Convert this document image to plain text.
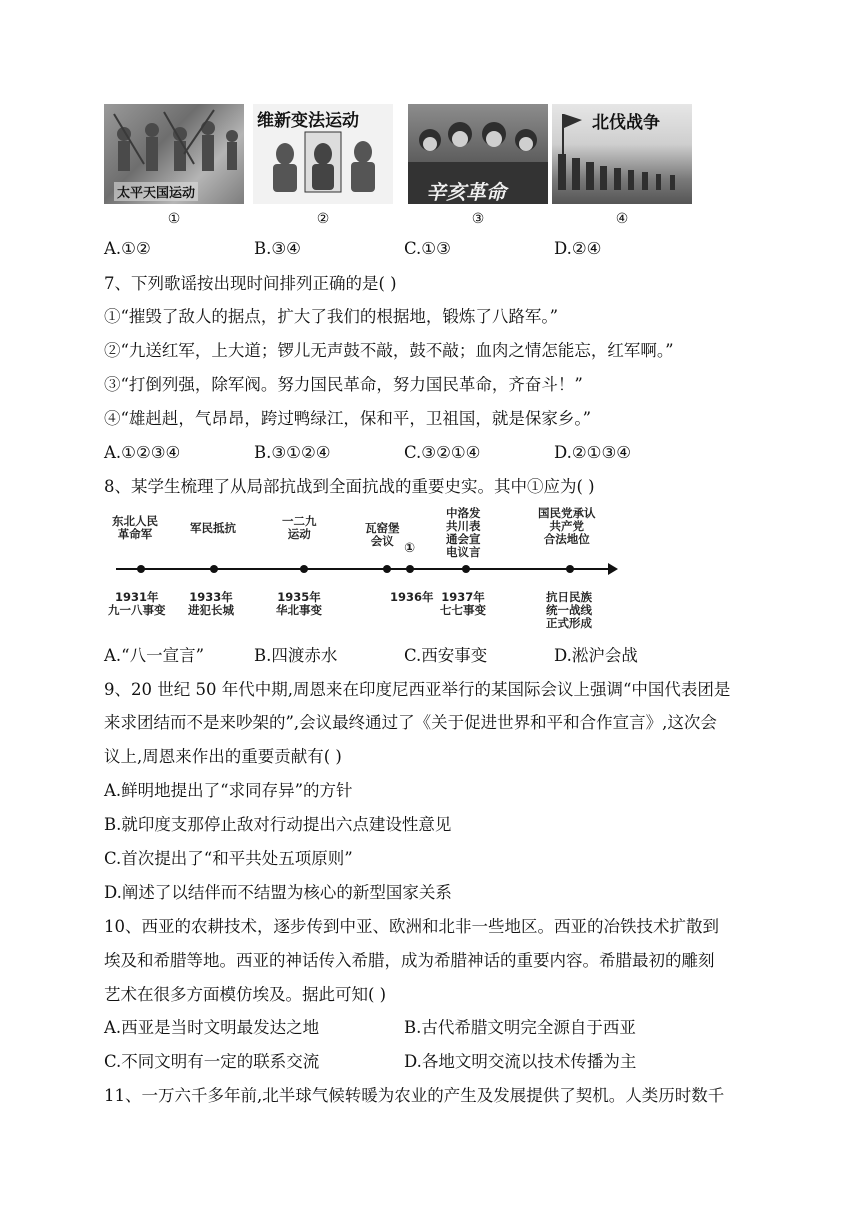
太平天国运动
维新变法运动
辛亥革命
北伐战争
①	②	③	④
A.①②	B.③④	C.①③	D.②④
7、下列歌谣按出现时间排列正确的是( )
①“摧毁了敌人的据点，扩大了我们的根据地，锻炼了八路军。”
②“九送红军，上大道；锣儿无声鼓不敲，鼓不敲；血肉之情怎能忘，红军啊。”
③“打倒列强，除军阀。努力国民革命，努力国民革命，齐奋斗！”
④“雄赳赳，气昂昂，跨过鸭绿江，保和平，卫祖国，就是保家乡。”
A.①②③④	B.③①②④	C.③②①④	D.②①③④
8、某学生梳理了从局部抗战到全面抗战的重要史实。其中①应为( )
东北人民
革命军	军民抵抗	一二九
运动	瓦窑堡
会议 ①
中洛发
共川表
通会宣
电议言
国民党承认
共产党
合法地位
1931年
九一八事变
1933年
进犯长城
1935年
华北事变
1936年 1937年
七七事变
抗日民族
统一战线
正式形成
A.“八一宣言”	B.四渡赤水	C.西安事变	D.淞沪会战
9、20 世纪 50 年代中期,周恩来在印度尼西亚举行的某国际会议上强调“中国代表团是
来求团结而不是来吵架的”,会议最终通过了《关于促进世界和平和合作宣言》,这次会
议上,周恩来作出的重要贡献有( )
A.鲜明地提出了“求同存异”的方针
B.就印度支那停止敌对行动提出六点建设性意见
C.首次提出了“和平共处五项原则”
D.阐述了以结伴而不结盟为核心的新型国家关系
10、西亚的农耕技术，逐步传到中亚、欧洲和北非一些地区。西亚的冶铁技术扩散到
埃及和希腊等地。西亚的神话传入希腊，成为希腊神话的重要内容。希腊最初的雕刻
艺术在很多方面模仿埃及。据此可知( )
A.西亚是当时文明最发达之地	B.古代希腊文明完全源自于西亚
C.不同文明有一定的联系交流	D.各地文明交流以技术传播为主
11、一万六千多年前,北半球气候转暖为农业的产生及发展提供了契机。人类历时数千
